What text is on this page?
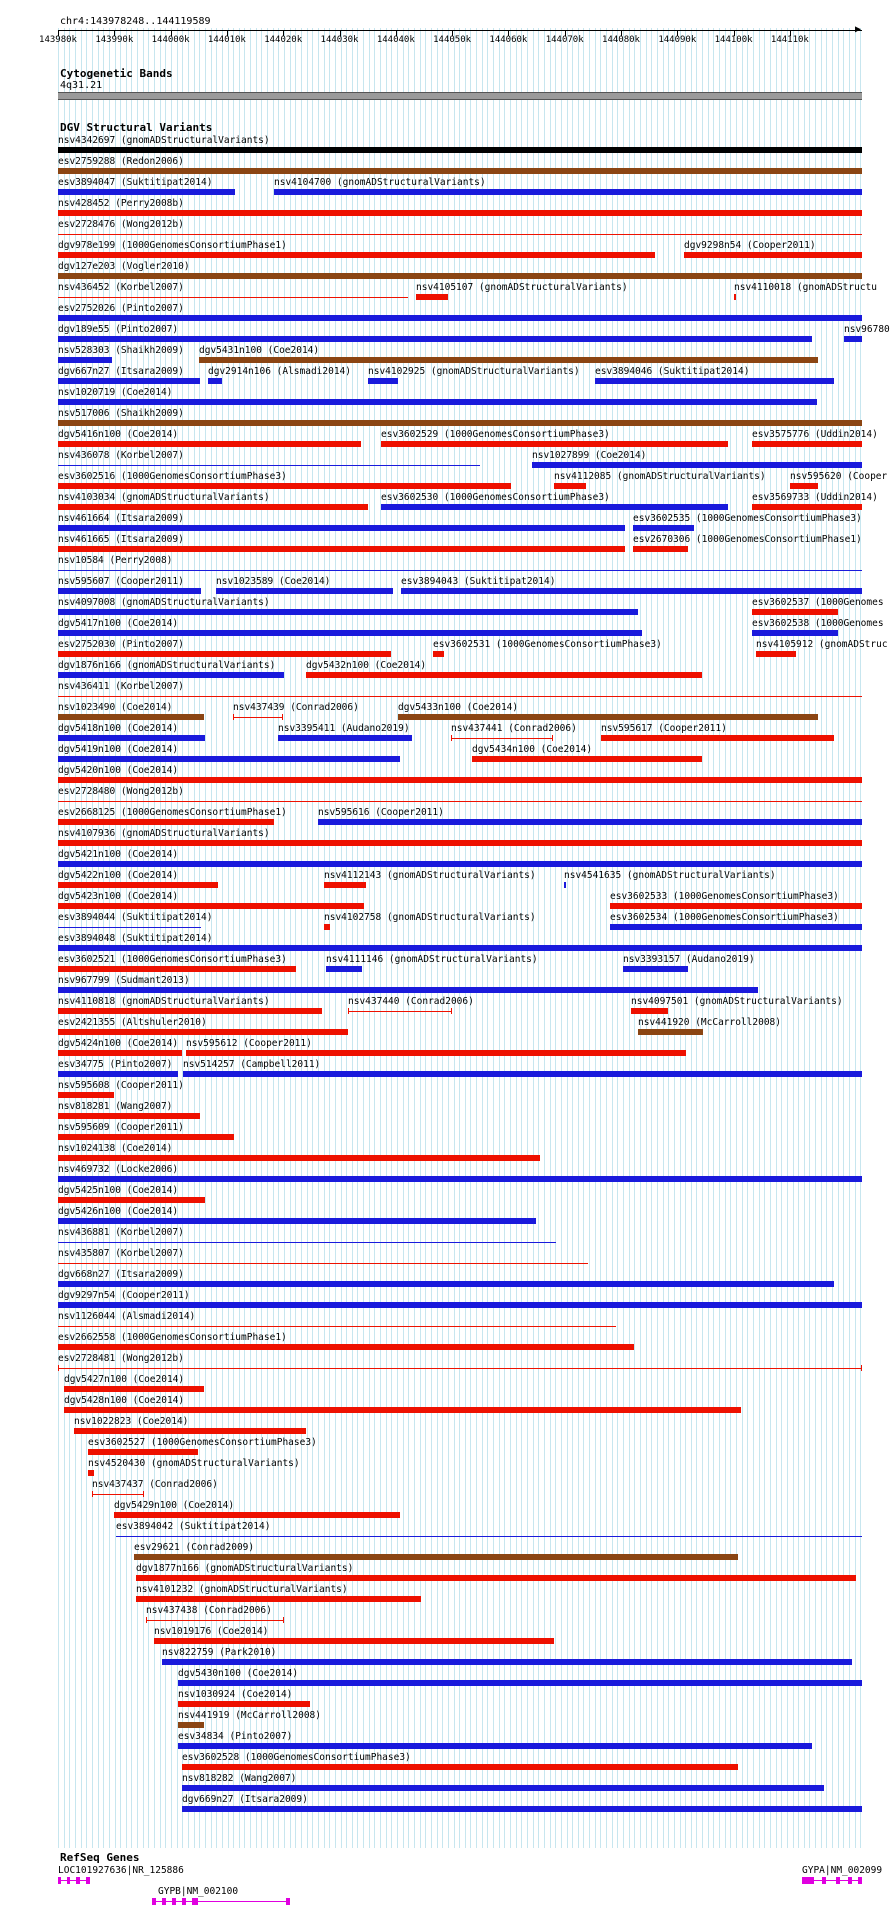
chr4:143978248..144119589
▶
143980k 143990k 144000k 144010k 144020k 144030k 144040k 144050k 144060k 144070k 144080k 144090k 144100k 144110k
Cytogenetic Bands
4q31.21
DGV Structural Variants
nsv4342697 (gnomADStructuralVariants)
esv2759288 (Redon2006)
esv3894047 (Suktitipat2014)	nsv4104700 (gnomADStructuralVariants)
nsv428452 (Perry2008b)
esv2728476 (Wong2012b)
dgv978e199 (1000GenomesConsortiumPhase1)	dgv9298n54 (Cooper2011)
dgv127e203 (Vogler2010)
nsv436452 (Korbel2007)	nsv4105107 (gnomADStructuralVariants)	nsv4110018 (gnomADStructu
esv2752026 (Pinto2007)
dgv189e55 (Pinto2007)	nsv96780
nsv528303 (Shaikh2009) dgv5431n100 (Coe2014)
dgv667n27 (Itsara2009)	dgv2914n106 (Alsmadi2014) nsv4102925 (gnomADStructuralVariants) esv3894046 (Suktitipat2014)
nsv1020719 (Coe2014)
nsv517006 (Shaikh2009)
dgv5416n100 (Coe2014)	esv3602529 (1000GenomesConsortiumPhase3)	esv3575776 (Uddin2014)
nsv436078 (Korbel2007)	nsv1027899 (Coe2014)
esv3602516 (1000GenomesConsortiumPhase3)	nsv4112085 (gnomADStructuralVariants)	nsv595620 (Cooper
nsv4103034 (gnomADStructuralVariants)	esv3602530 (1000GenomesConsortiumPhase3)	esv3569733 (Uddin2014)
nsv461664 (Itsara2009)	esv3602535 (1000GenomesConsortiumPhase3)
nsv461665 (Itsara2009)	esv2670306 (1000GenomesConsortiumPhase1)
nsv10584 (Perry2008)
nsv595607 (Cooper2011)	nsv1023589 (Coe2014)	esv3894043 (Suktitipat2014)
nsv4097008 (gnomADStructuralVariants)	esv3602537 (1000Genomes
dgv5417n100 (Coe2014)	esv3602538 (1000Genomes
esv2752030 (Pinto2007)	esv3602531 (1000GenomesConsortiumPhase3)	nsv4105912 (gnomADStruc
dgv1876n166 (gnomADStructuralVariants)	dgv5432n100 (Coe2014)
nsv436411 (Korbel2007)
nsv1023490 (Coe2014)	nsv437439 (Conrad2006)	dgv5433n100 (Coe2014)
dgv5418n100 (Coe2014)	nsv3395411 (Audano2019)	nsv437441 (Conrad2006)	nsv595617 (Cooper2011)
dgv5419n100 (Coe2014)	dgv5434n100 (Coe2014)
dgv5420n100 (Coe2014)
esv2728480 (Wong2012b)
esv2668125 (1000GenomesConsortiumPhase1)	nsv595616 (Cooper2011)
nsv4107936 (gnomADStructuralVariants)
dgv5421n100 (Coe2014)
dgv5422n100 (Coe2014)	nsv4112143 (gnomADStructuralVariants)	nsv4541635 (gnomADStructuralVariants)
dgv5423n100 (Coe2014)	esv3602533 (1000GenomesConsortiumPhase3)
esv3894044 (Suktitipat2014)	nsv4102758 (gnomADStructuralVariants)	esv3602534 (1000GenomesConsortiumPhase3)
esv3894048 (Suktitipat2014)
esv3602521 (1000GenomesConsortiumPhase3)	nsv4111146 (gnomADStructuralVariants)	nsv3393157 (Audano2019)
nsv967799 (Sudmant2013)
nsv4110818 (gnomADStructuralVariants)	nsv437440 (Conrad2006)	nsv4097501 (gnomADStructuralVariants)
esv2421355 (Altshuler2010)	nsv441920 (McCarroll2008)
dgv5424n100 (Coe2014) nsv595612 (Cooper2011)
esv34775 (Pinto2007) nsv514257 (Campbell2011)
nsv595608 (Cooper2011)
nsv818281 (Wang2007)
nsv595609 (Cooper2011)
nsv1024138 (Coe2014)
nsv469732 (Locke2006)
dgv5425n100 (Coe2014)
dgv5426n100 (Coe2014)
nsv436881 (Korbel2007)
nsv435807 (Korbel2007)
dgv668n27 (Itsara2009)
dgv9297n54 (Cooper2011)
nsv1126044 (Alsmadi2014)
esv2662558 (1000GenomesConsortiumPhase1)
esv2728481 (Wong2012b)
dgv5427n100 (Coe2014)
dgv5428n100 (Coe2014)
nsv1022823 (Coe2014)
esv3602527 (1000GenomesConsortiumPhase3)
nsv4520430 (gnomADStructuralVariants)
nsv437437 (Conrad2006)
dgv5429n100 (Coe2014)
esv3894042 (Suktitipat2014)
esv29621 (Conrad2009)
dgv1877n166 (gnomADStructuralVariants)
nsv4101232 (gnomADStructuralVariants)
nsv437438 (Conrad2006)
nsv1019176 (Coe2014)
nsv822759 (Park2010)
dgv5430n100 (Coe2014)
nsv1030924 (Coe2014)
nsv441919 (McCarroll2008)
esv34834 (Pinto2007)
esv3602528 (1000GenomesConsortiumPhase3)
nsv818282 (Wang2007)
dgv669n27 (Itsara2009)
RefSeq Genes
LOC101927636|NR_125886
GYPB|NM_002100
GYPA|NM_002099
